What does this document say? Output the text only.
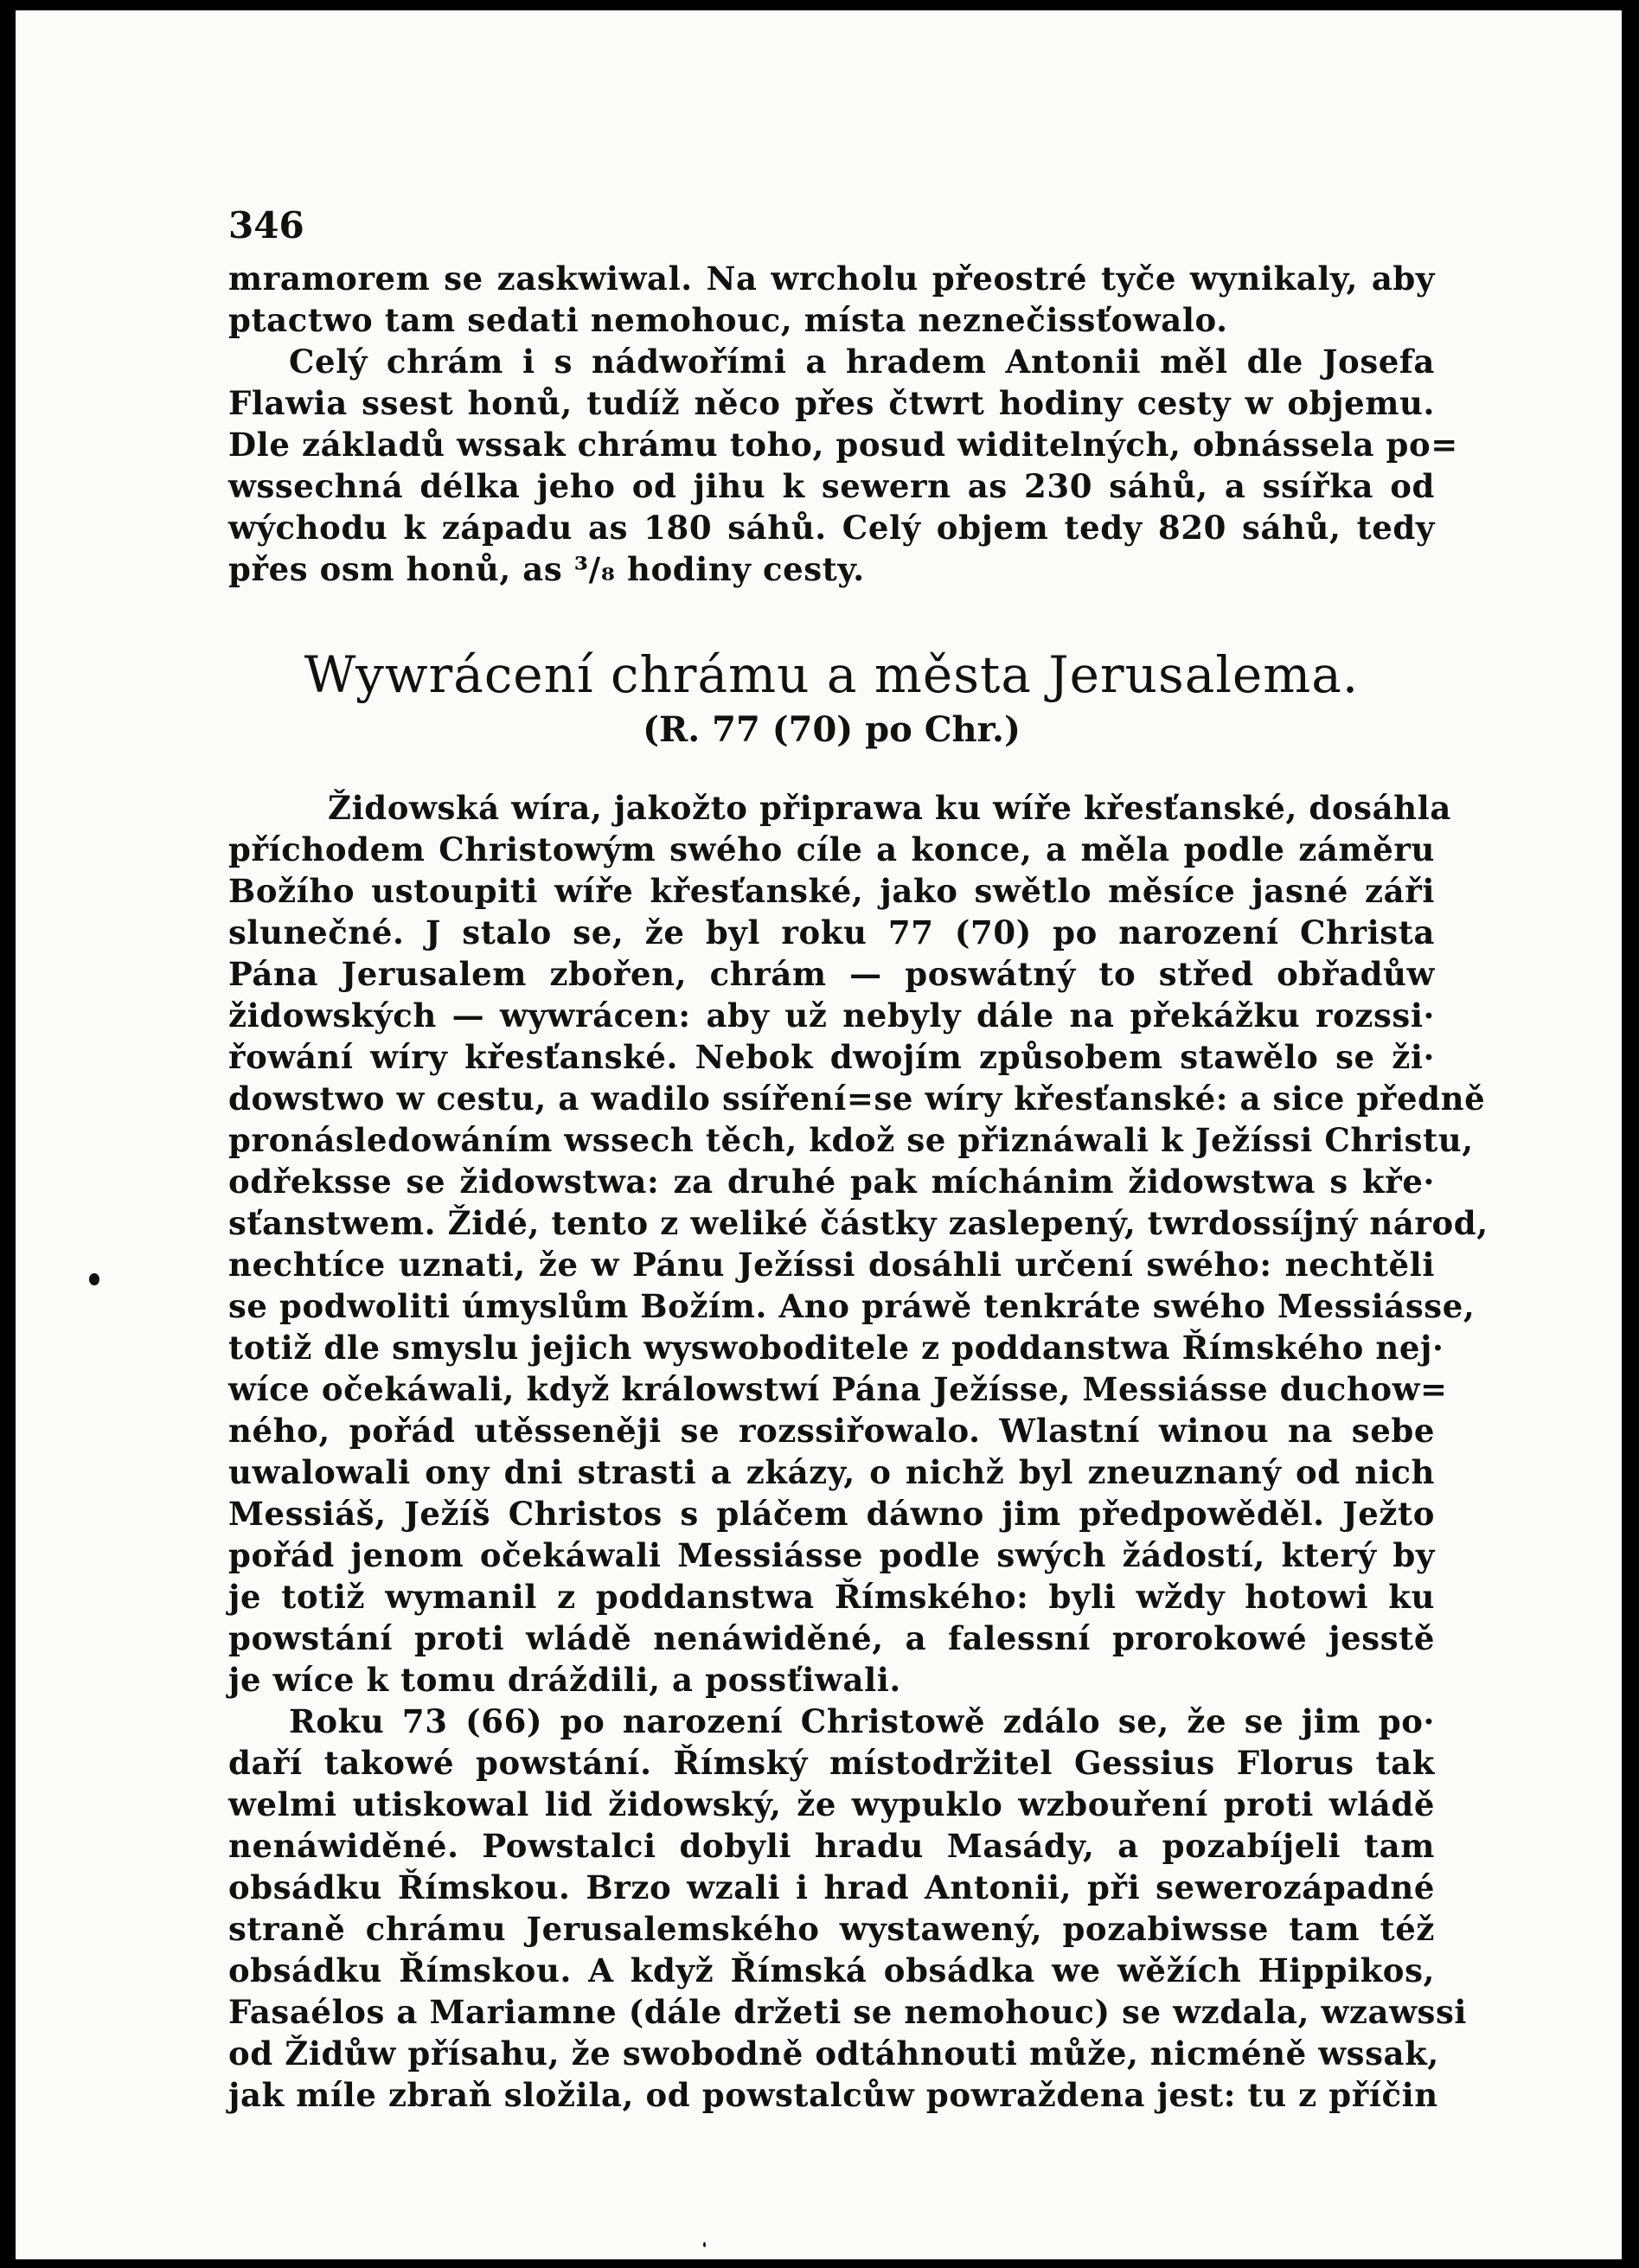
346
mramorem se zaskwiwal. Na wrcholu přeostré tyče wynikaly, aby
ptactwo tam sedati nemohouc, místa neznečissťowalo.
Celý chrám i s nádwořími a hradem Antonii měl dle Josefa
Flawia ssest honů, tudíž něco přes čtwrt hodiny cesty w objemu.
Dle základů wssak chrámu toho, posud widitelných, obnássela po=
wssechná délka jeho od jihu k sewern as 230 sáhů, a ssířka od
wýchodu k západu as 180 sáhů. Celý objem tedy 820 sáhů, tedy
přes osm honů, as ³/₈ hodiny cesty.
Wywrácení chrámu a města Jerusalema.
(R. 77 (70) po Chr.)
Židowská wíra, jakožto připrawa ku wíře křesťanské, dosáhla
příchodem Christowým swého cíle a konce, a měla podle záměru
Božího ustoupiti wíře křesťanské, jako swětlo měsíce jasné záři
slunečné. J stalo se, že byl roku 77 (70) po narození Christa
Pána Jerusalem zbořen, chrám — poswátný to střed obřadůw
židowských — wywrácen: aby už nebyly dále na překážku rozssi·
řowání wíry křesťanské. Nebok dwojím způsobem stawělo se ži·
dowstwo w cestu, a wadilo ssíření=se wíry křesťanské: a sice předně
pronásledowáním wssech těch, kdož se přiznáwali k Ježíssi Christu,
odřeksse se židowstwa: za druhé pak míchánim židowstwa s kře·
sťanstwem. Židé, tento z weliké částky zaslepený, twrdossíjný národ,
nechtíce uznati, že w Pánu Ježíssi dosáhli určení swého: nechtěli
se podwoliti úmyslům Božím. Ano práwě tenkráte swého Messiásse,
totiž dle smyslu jejich wyswoboditele z poddanstwa Římského nej·
wíce očekáwali, když králowstwí Pána Ježísse, Messiásse duchow=
ného, pořád utěsseněji se rozssiřowalo. Wlastní winou na sebe
uwalowali ony dni strasti a zkázy, o nichž byl zneuznaný od nich
Messiáš, Ježíš Christos s pláčem dáwno jim předpowěděl. Ježto
pořád jenom očekáwali Messiásse podle swých žádostí, který by
je totiž wymanil z poddanstwa Římského: byli wždy hotowi ku
powstání proti wládě nenáwiděné, a falessní prorokowé jesstě
je wíce k tomu dráždili, a possťiwali.
Roku 73 (66) po narození Christowě zdálo se, že se jim po·
daří takowé powstání. Římský místodržitel Gessius Florus tak
welmi utiskowal lid židowský, že wypuklo wzbouření proti wládě
nenáwiděné. Powstalci dobyli hradu Masády, a pozabíjeli tam
obsádku Římskou. Brzo wzali i hrad Antonii, při sewerozápadné
straně chrámu Jerusalemského wystawený, pozabiwsse tam též
obsádku Římskou. A když Římská obsádka we wěžích Hippikos,
Fasaélos a Mariamne (dále držeti se nemohouc) se wzdala, wzawssi
od Židůw přísahu, že swobodně odtáhnouti může, nicméně wssak,
jak míle zbraň složila, od powstalcůw powraždena jest: tu z příčin
